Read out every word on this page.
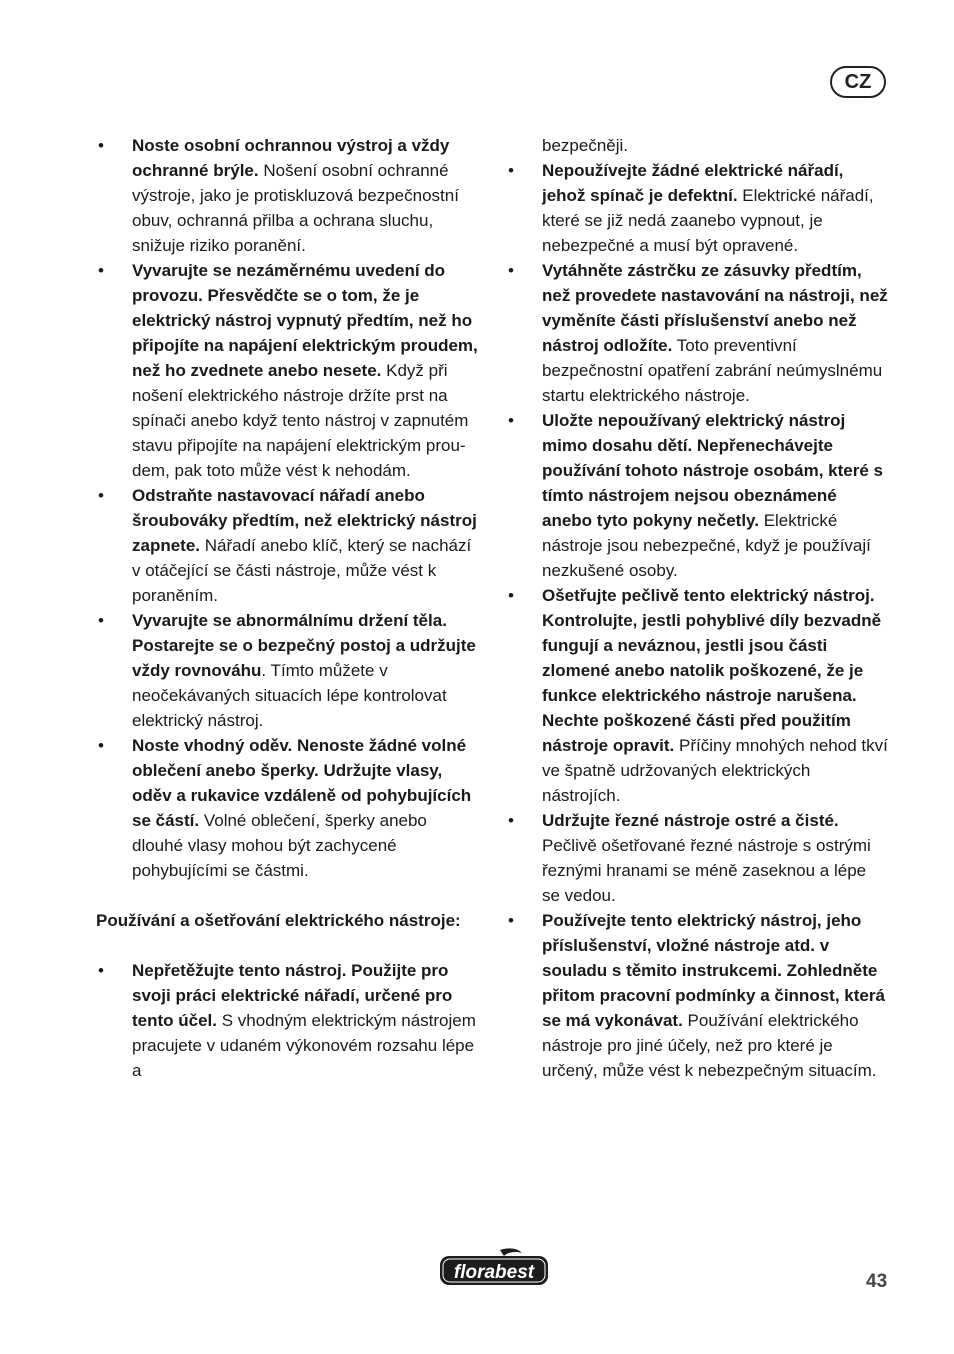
CZ
• Noste osobní ochrannou výstroj a vždy ochranné brýle. Nošení osobní ochranné výstroje, jako je protiskluzová bezpečnostní obuv, ochranná přilba a ochrana sluchu, snižuje riziko poranění.
• Vyvarujte se nezáměrnému uvedení do provozu. Přesvědčte se o tom, že je elektrický nástroj vypnutý předtím, než ho připojíte na napájení elektrickým proudem, než ho zvednete anebo nesete. Když při nošení elektrického nástroje držíte prst na spínači anebo když tento nástroj v zapnutém stavu připojíte na napájení elektrickým proudem, pak toto může vést k nehodám.
• Odstraňte nastavovací nářadí anebo šroubováky předtím, než elektrický nástroj zapnete. Nářadí anebo klíč, který se nachází v otáčející se části nástroje, může vést k poraněním.
• Vyvarujte se abnormálnímu držení těla. Postarejte se o bezpečný postoj a udržujte vždy rovnováhu. Tímto můžete v neočekávaných situacích lépe kontrolovat elektrický nástroj.
• Noste vhodný oděv. Nenoste žádné volné oblečení anebo šperky. Udržujte vlasy, oděv a rukavice vzdáleně od pohybujících se částí. Volné oblečení, šperky anebo dlouhé vlasy mohou být zachycené pohybujícími se částmi.
Používání a ošetřování elektrického nástroje:
• Nepřetěžujte tento nástroj. Použijte pro svoji práci elektrické nářadí, určené pro tento účel. S vhodným elektrickým nástrojem pracujete v udaném výkonovém rozsahu lépe a
bezpečněji.
• Nepoužívejte žádné elektrické nářadí, jehož spínač je defektní. Elektrické nářadí, které se již nedá zaanebo vypnout, je nebezpečné a musí být opravené.
• Vytáhněte zástrčku ze zásuvky předtím, než provedete nastavování na nástroji, než vyměníte části příslušenství anebo než nástroj odložíte. Toto preventivní bezpečnostní opatření zabrání neúmyslnému startu elektrického nástroje.
• Uložte nepoužívaný elektrický nástroj mimo dosahu dětí. Nepřenechávejte používání tohoto nástroje osobám, které s tímto nástrojem nejsou obeznámené anebo tyto pokyny nečetly. Elektrické nástroje jsou nebezpečné, když je používají nezkušené osoby.
• Ošetřujte pečlivě tento elektrický nástroj. Kontrolujte, jestli pohyblivé díly bezvadně fungují a neváznou, jestli jsou části zlomené anebo natolik poškozené, že je funkce elektrického nástroje narušena. Nechte poškozené části před použitím nástroje opravit. Příčiny mnohých nehod tkví ve špatně udržovaných elektrických nástrojích.
• Udržujte řezné nástroje ostré a čisté. Pečlivě ošetřované řezné nástroje s ostrými řeznými hranami se méně zaseknou a lépe se vedou.
• Používejte tento elektrický nástroj, jeho příslušenství, vložné nástroje atd. v souladu s těmito instrukcemi. Zohledněte přitom pracovní podmínky a činnost, která se má vykonávat. Používání elektrického nástroje pro jiné účely, než pro které je určený, může vést k nebezpečným situacím.
florabest	43
